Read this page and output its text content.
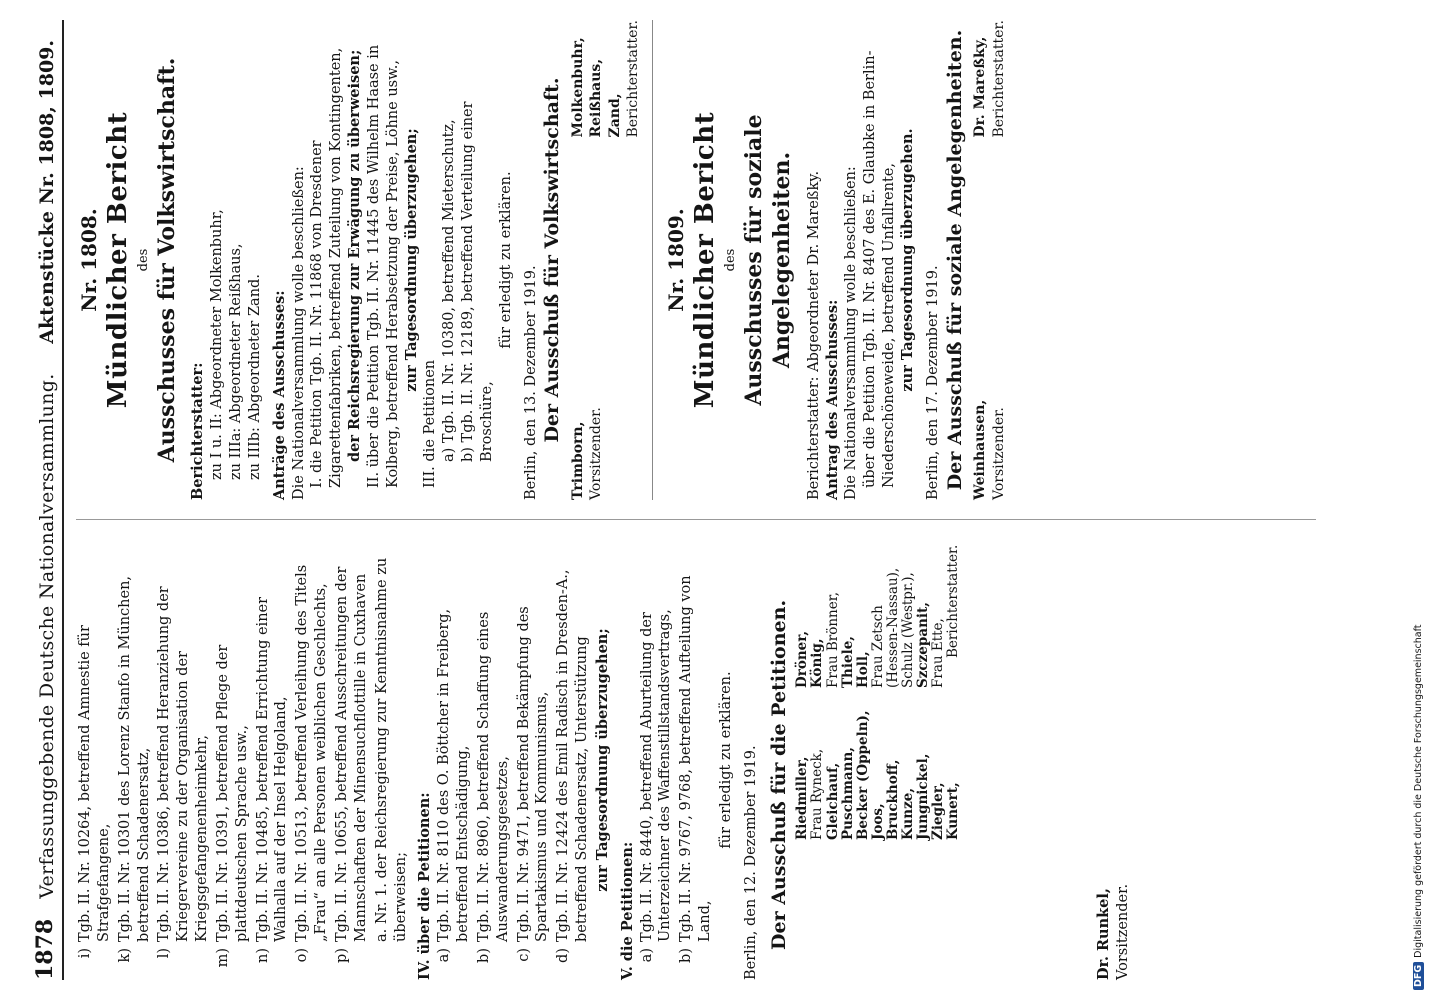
1878
Verfassunggebende Deutsche Nationalversammlung.
Aktenstücke Nr. 1808, 1809.
i)
Tgb. II. Nr. 10264, betreffend Amnestie für Strafgefangene,
k)
Tgb. II. Nr. 10301 des Lorenz Stanfo in München, betreffend Schadenersatz,
l)
Tgb. II. Nr. 10386, betreffend Heranziehung der Kriegervereine zu der Organisation der Kriegsgefangenenheimkehr,
m)
Tgb. II. Nr. 10391, betreffend Pflege der plattdeutschen Sprache usw.,
n)
Tgb. II. Nr. 10485, betreffend Errichtung einer Walhalla auf der Insel Helgoland,
o)
Tgb. II. Nr. 10513, betreffend Verleihung des Titels „Frau“ an alle Personen weiblichen Geschlechts,
p)
Tgb. II. Nr. 10655, betreffend Ausschreitungen der Mannschaften der Minensuchflottille in Cuxhaven a. Nr. 1. der Reichsregierung zur Kenntnisnahme zu überweisen; IV. über die Petitionen: a)
Tgb. II. Nr. 8110 des O. Böttcher in Freiberg, betreffend Entschädigung,
b)
Tgb. II. Nr. 8960, betreffend Schaffung eines Auswanderungsgesetzes,
c)
Tgb. II. Nr. 9471, betreffend Bekämpfung des Spartakismus und Kommunismus,
d)
Tgb. II. Nr. 12424 des Emil Radisch in Dresden-A., betreffend Schadenersatz, Unterstützung zur Tagesordnung überzugehen;
V. die Petitionen: a)
Tgb. II. Nr. 8440, betreffend Aburteilung der Unterzeichner des Waffenstillstandsvertrags,
b)
Tgb. II. Nr. 9767, 9768, betreffend Aufteilung von Land,
für erledigt zu erklären. Berlin, den 12. Dezember 1919. Der Ausschuß für die Petitionen.	Dr. Runkel, Vorsitzender.
Riedmiller, Frau Ryneck, Gleichauf, Puschmann, Becker (Oppeln), Joos, Bruckhoff, Kunze, Jungnickel, Ziegler, Kunert,
Dröner, König, Frau Brönner, Thiele, Holl, Frau Zetsch (Hessen-Nassau), Schulz (Westpr.), Szczepanit, Frau Ette, Berichterstatter.
Nr. 1808. Mündlicher Bericht des Ausschusses für Volkswirtschaft. Berichterstatter: zu I u. II: Abgeordneter Molkenbuhr, zu IIIa: Abgeordneter Reißhaus, zu IIIb: Abgeordneter Zand. Anträge des Ausschusses: Die Nationalversammlung wolle beschließen: I. die Petition Tgb. II. Nr. 11868 von Dresdener Zigarettenfabriken, betreffend Zuteilung von Kontingenten, der Reichsregierung zur Erwägung zu überweisen; II. über die Petition Tgb. II. Nr. 11445 des Wilhelm Haase in Kolberg, betreffend Herabsetzung der Preise, Löhne usw., zur Tagesordnung überzugehen;
III. die Petitionen a) Tgb. II. Nr. 10380, betreffend Mieterschutz, b) Tgb. II. Nr. 12189, betreffend Verteilung einer Broschüre,
für erledigt zu erklären.
Berlin, den 13. Dezember 1919. Der Ausschuß für Volkswirtschaft.
Trimborn, Vorsitzender.
Molkenbuhr, Reißhaus, Zand, Berichterstatter.
Nr. 1809. Mündlicher Bericht des Ausschusses für soziale Angelegenheiten. Berichterstatter: Abgeordneter Dr. Mareßky. Antrag des Ausschusses: Die Nationalversammlung wolle beschließen: über die Petition Tgb. II. Nr. 8407 des E. Glaubke in Berlin-Niederschöneweide, betreffend Unfallrente, zur Tagesordnung überzugehen. Berlin, den 17. Dezember 1919. Der Ausschuß für soziale Angelegenheiten. Weinhausen, Vorsitzender.
Dr. Mareßky, Berichterstatter.
DFG
Digitalisierung gefördert durch die Deutsche Forschungsgemeinschaft
